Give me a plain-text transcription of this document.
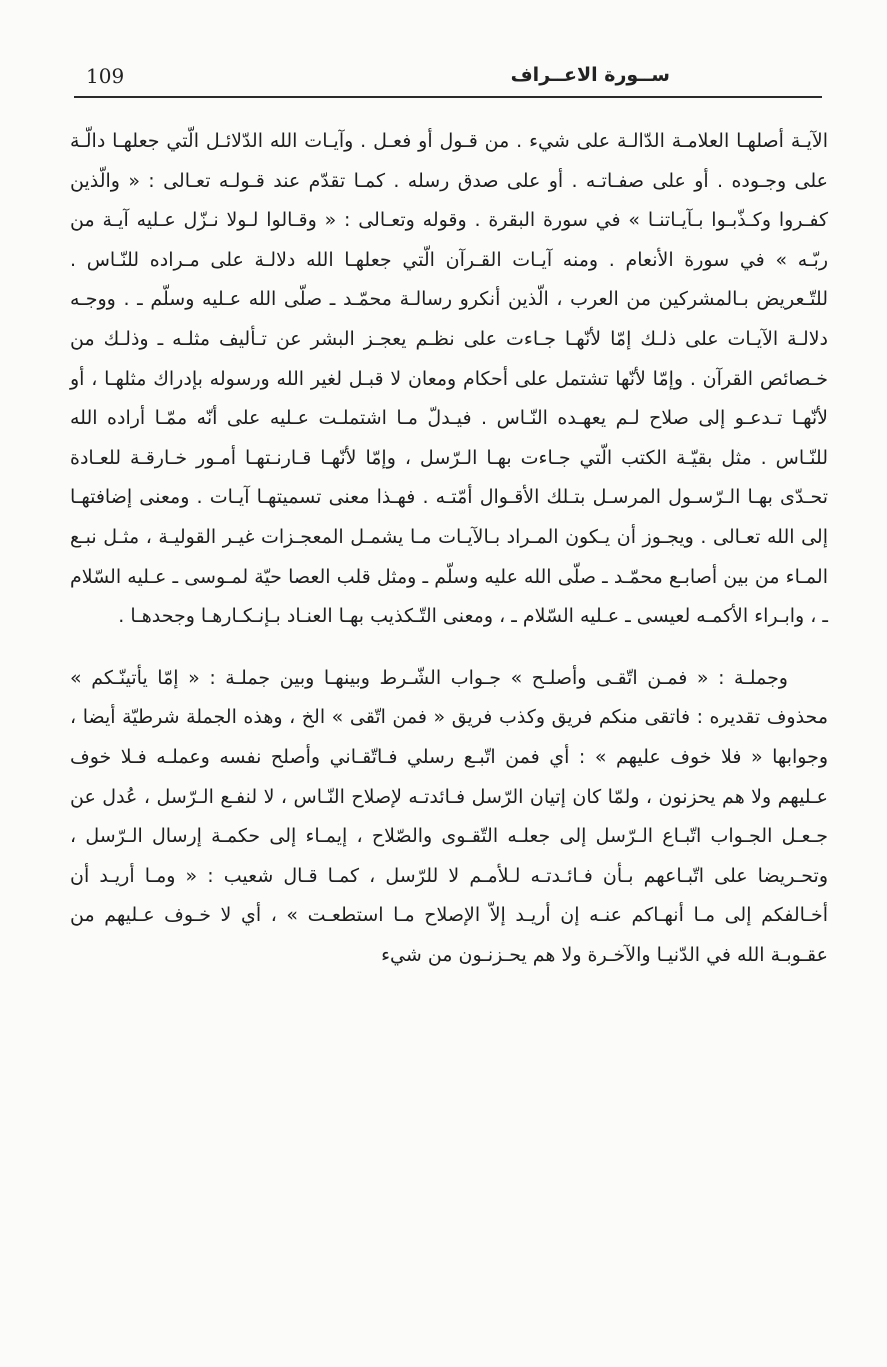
109	ســورة الاعــراف

الآيـة أصلهـا العلامـة الدّالـة على شيء . من قـول أو فعـل . وآيـات الله الدّلائـل الّتي جعلهـا دالّـة على وجـوده . أو على صفـاتـه . أو على صدق رسله . كمـا تقدّم عند قـولـه تعـالى : « والّذين كفـروا وكـذّبـوا بـآيـاتنـا » في سورة البقرة . وقوله وتعـالى : « وقـالوا لـولا نـزّل عـليه آيـة من ربّـه » في سورة الأنعام . ومنه آيـات القـرآن الّتي جعلهـا الله دلالـة على مـراده للنّـاس . للتّـعريض بـالمشركين من العرب ، الّذين أنكرو رسالـة محمّـد ـ صلّى الله عـليه وسلّم ـ . ووجـه دلالـة الآيـات على ذلـك إمّا لأنّهـا جـاءت على نظـم يعجـز البشر عن تـأليف مثلـه ـ وذلـك من خـصائص القرآن . وإمّا لأنّها تشتمل على أحكام ومعان لا قبـل لغير الله ورسوله بإدراك مثلهـا ، أو لأنّهـا تـدعـو إلى صلاح لـم يعهـده النّـاس . فيـدلّ مـا اشتملـت عـليه على أنّه ممّـا أراده الله للنّـاس . مثل بقيّـة الكتب الّتي جـاءت بهـا الـرّسل ، وإمّا لأنّهـا قـارنـتهـا أمـور خـارقـة للعـادة تحـدّى بهـا الـرّسـول المرسـل بتـلك الأقـوال أمّتـه . فهـذا معنى تسميتهـا آيـات . ومعنى إضافتهـا إلى الله تعـالى . ويجـوز أن يـكون المـراد بـالآيـات مـا يشمـل المعجـزات غيـر القوليـة ، مثـل نبـع المـاء من بين أصابـع محمّـد ـ صلّى الله عليه وسلّم ـ ومثل قلب العصا حيّة لمـوسى ـ عـليه السّلام ـ ، وابـراء الأكمـه لعيسى ـ عـليه السّلام ـ ، ومعنى التّـكذيب بهـا العنـاد بـإنـكـارهـا وجحدهـا .

وجملـة : « فمـن اتّقـى وأصلـح » جـواب الشّـرط وبينهـا وبين جملـة : « إمّا يأتينّـكم » محذوف تقديره : فاتقى منكم فريق وكذب فريق « فمن اتّقى » الخ ، وهذه الجملة شرطيّة أيضا ، وجوابها « فلا خوف عليهم » : أي فمن اتّبـع رسلي فـاتّقـاني وأصلح نفسه وعملـه فـلا خوف عـليهم ولا هم يحزنون ، ولمّا كان إتيان الرّسل فـائدتـه لإصلاح النّـاس ، لا لنفـع الـرّسل ، عُدل عن جـعـل الجـواب اتّبـاع الـرّسل إلى جعلـه التّقـوى والصّلاح ، إيمـاء إلى حكمـة إرسال الـرّسل ، وتحـريضا على اتّبـاعهم بـأن فـائـدتـه لـلأمـم لا للرّسل ، كمـا قـال شعيب : « ومـا أريـد أن أخـالفكم إلى مـا أنهـاكم عنـه إن أريـد إلاّ الإصلاح مـا استطعـت » ، أي لا خـوف عـليهم من عقـوبـة الله في الدّنيـا والآخـرة ولا هم يحـزنـون من شيء
